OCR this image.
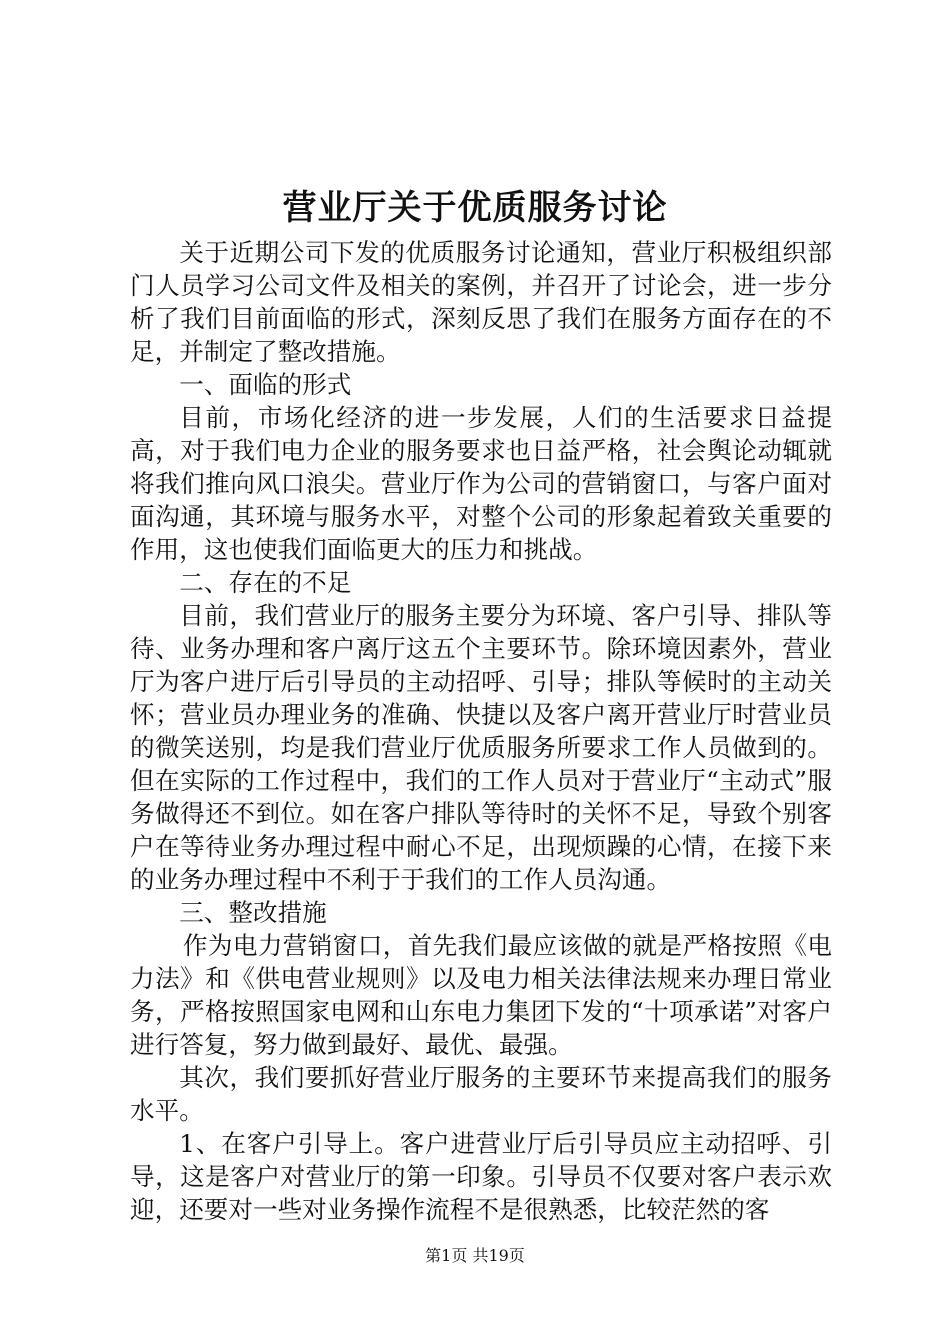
营业厅关于优质服务讨论

关于近期公司下发的优质服务讨论通知，营业厅积极组织部门人员学习公司文件及相关的案例，并召开了讨论会，进一步分析了我们目前面临的形式，深刻反思了我们在服务方面存在的不足，并制定了整改措施。

一、面临的形式

目前，市场化经济的进一步发展，人们的生活要求日益提高，对于我们电力企业的服务要求也日益严格，社会舆论动辄就将我们推向风口浪尖。营业厅作为公司的营销窗口，与客户面对面沟通，其环境与服务水平，对整个公司的形象起着致关重要的作用，这也使我们面临更大的压力和挑战。

二、存在的不足

目前，我们营业厅的服务主要分为环境、客户引导、排队等待、业务办理和客户离厅这五个主要环节。除环境因素外，营业厅为客户进厅后引导员的主动招呼、引导；排队等候时的主动关怀；营业员办理业务的准确、快捷以及客户离开营业厅时营业员的微笑送别，均是我们营业厅优质服务所要求工作人员做到的。但在实际的工作过程中，我们的工作人员对于营业厅“主动式”服务做得还不到位。如在客户排队等待时的关怀不足，导致个别客户在等待业务办理过程中耐心不足，出现烦躁的心情，在接下来的业务办理过程中不利于于我们的工作人员沟通。

三、整改措施

作为电力营销窗口，首先我们最应该做的就是严格按照《电力法》和《供电营业规则》以及电力相关法律法规来办理日常业务，严格按照国家电网和山东电力集团下发的“十项承诺”对客户进行答复，努力做到最好、最优、最强。

其次，我们要抓好营业厅服务的主要环节来提高我们的服务水平。

1、在客户引导上。客户进营业厅后引导员应主动招呼、引导，这是客户对营业厅的第一印象。引导员不仅要对客户表示欢迎，还要对一些对业务操作流程不是很熟悉，比较茫然的客

第1页 共19页
